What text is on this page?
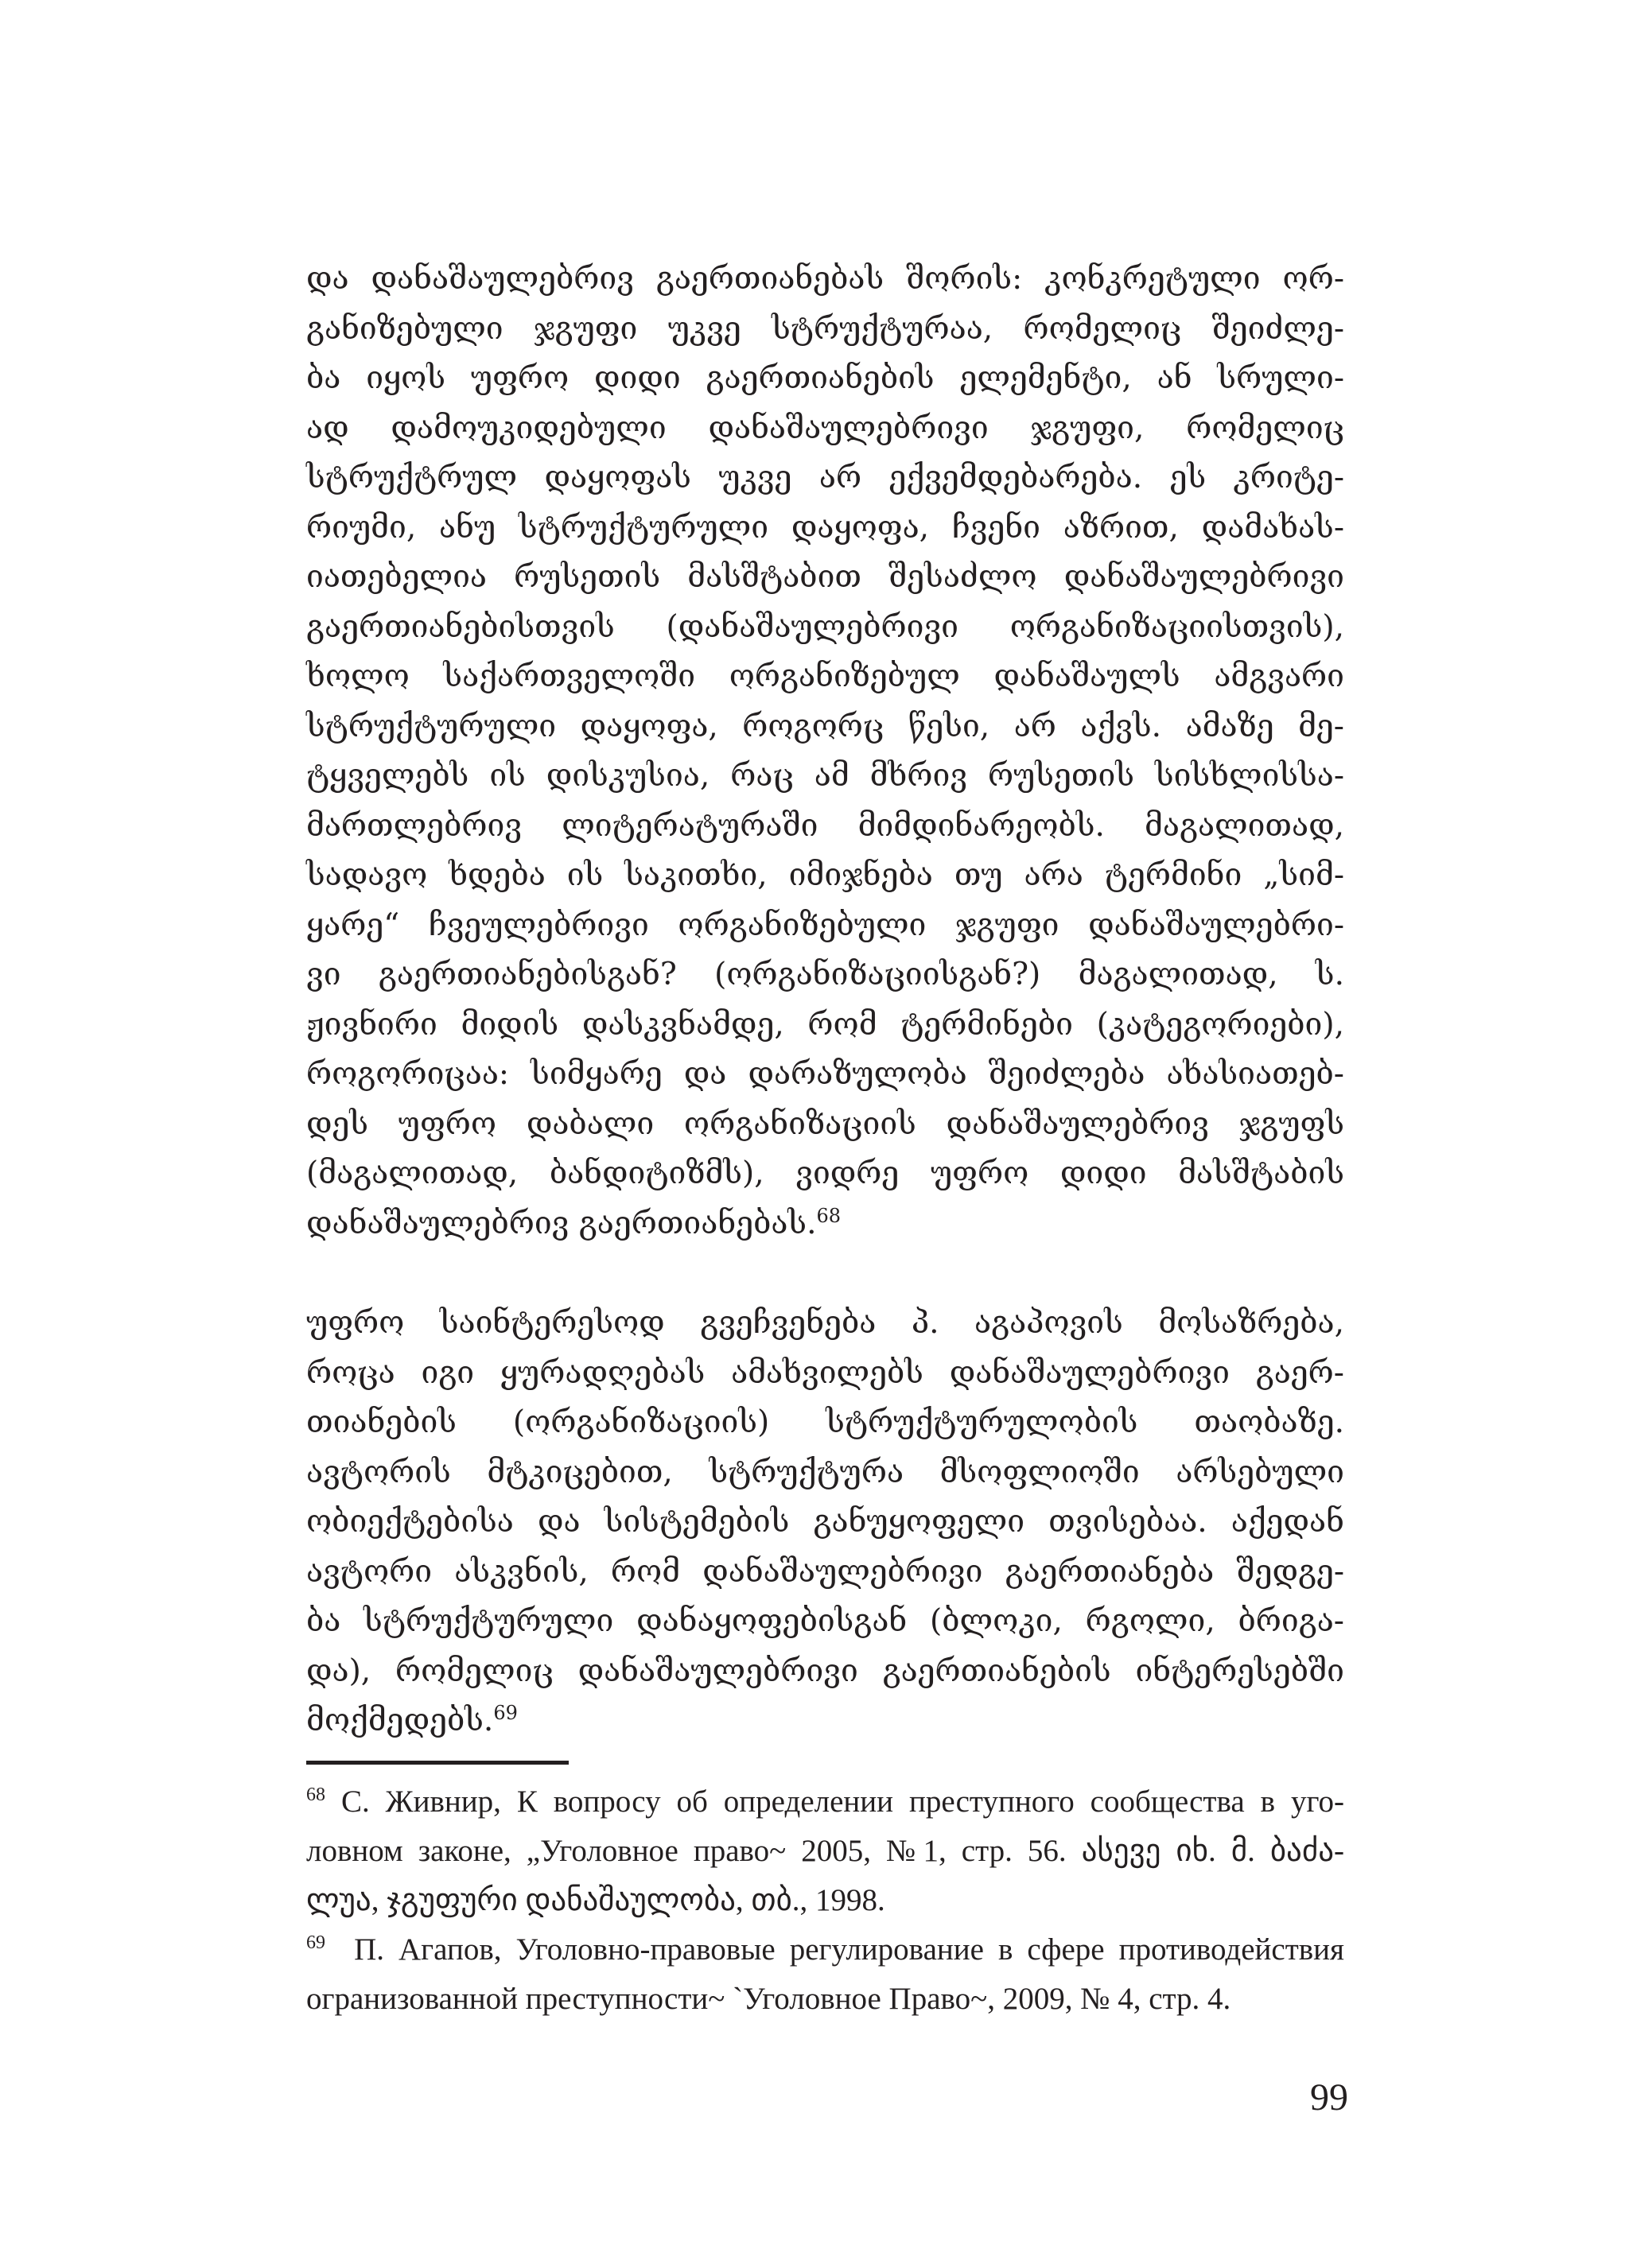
და დანაშაულებრივ გაერთიანებას შორის: კონკრეტული ორ-
განიზებული ჯგუფი უკვე სტრუქტურაა, რომელიც შეიძლე-
ბა იყოს უფრო დიდი გაერთიანების ელემენტი, ან სრული-
ად დამოუკიდებული დანაშაულებრივი ჯგუფი, რომელიც
სტრუქტრულ დაყოფას უკვე არ ექვემდებარება. ეს კრიტე-
რიუმი, ანუ სტრუქტურული დაყოფა, ჩვენი აზრით, დამახას-
იათებელია რუსეთის მასშტაბით შესაძლო დანაშაულებრივი
გაერთიანებისთვის (დანაშაულებრივი ორგანიზაციისთვის),
ხოლო საქართველოში ორგანიზებულ დანაშაულს ამგვარი
სტრუქტურული დაყოფა, როგორც წესი, არ აქვს. ამაზე მე-
ტყველებს ის დისკუსია, რაც ამ მხრივ რუსეთის სისხლისსა-
მართლებრივ ლიტერატურაში მიმდინარეობს. მაგალითად,
სადავო ხდება ის საკითხი, იმიჯნება თუ არა ტერმინი „სიმ-
ყარე“ ჩვეულებრივი ორგანიზებული ჯგუფი დანაშაულებრი-
ვი გაერთიანებისგან? (ორგანიზაციისგან?) მაგალითად, ს.
ჟივნირი მიდის დასკვნამდე, რომ ტერმინები (კატეგორიები),
როგორიცაა: სიმყარე და დარაზულობა შეიძლება ახასიათებ-
დეს უფრო დაბალი ორგანიზაციის დანაშაულებრივ ჯგუფს
(მაგალითად, ბანდიტიზმს), ვიდრე უფრო დიდი მასშტაბის
დანაშაულებრივ გაერთიანებას.$^{68}$
უფრო საინტერესოდ გვეჩვენება პ. აგაპოვის მოსაზრება,
როცა იგი ყურადღებას ამახვილებს დანაშაულებრივი გაერ-
თიანების (ორგანიზაციის) სტრუქტურულობის თაობაზე.
ავტორის მტკიცებით, სტრუქტურა მსოფლიოში არსებული
ობიექტებისა და სისტემების განუყოფელი თვისებაა. აქედან
ავტორი ასკვნის, რომ დანაშაულებრივი გაერთიანება შედგე-
ბა სტრუქტურული დანაყოფებისგან (ბლოკი, რგოლი, ბრიგა-
და), რომელიც დანაშაულებრივი გაერთიანების ინტერესებში
მოქმედებს.$^{69}$
$^{68}$ С. Живнир, К вопросу об определении преступного сообщества в уго-
ловном законе, „Уголовное право~ 2005, №1, стр. 56. ასევე იხ. მ. ბაძა-
ლუა, ჯგუფური დანაშაულობა, თბ., 1998.
$^{69}$ П. Агапов, Уголовно-правовые регулирование в сфере противодействия
огранизованной преступности~ `Уголовное Право~, 2009, № 4, стр. 4.
99
